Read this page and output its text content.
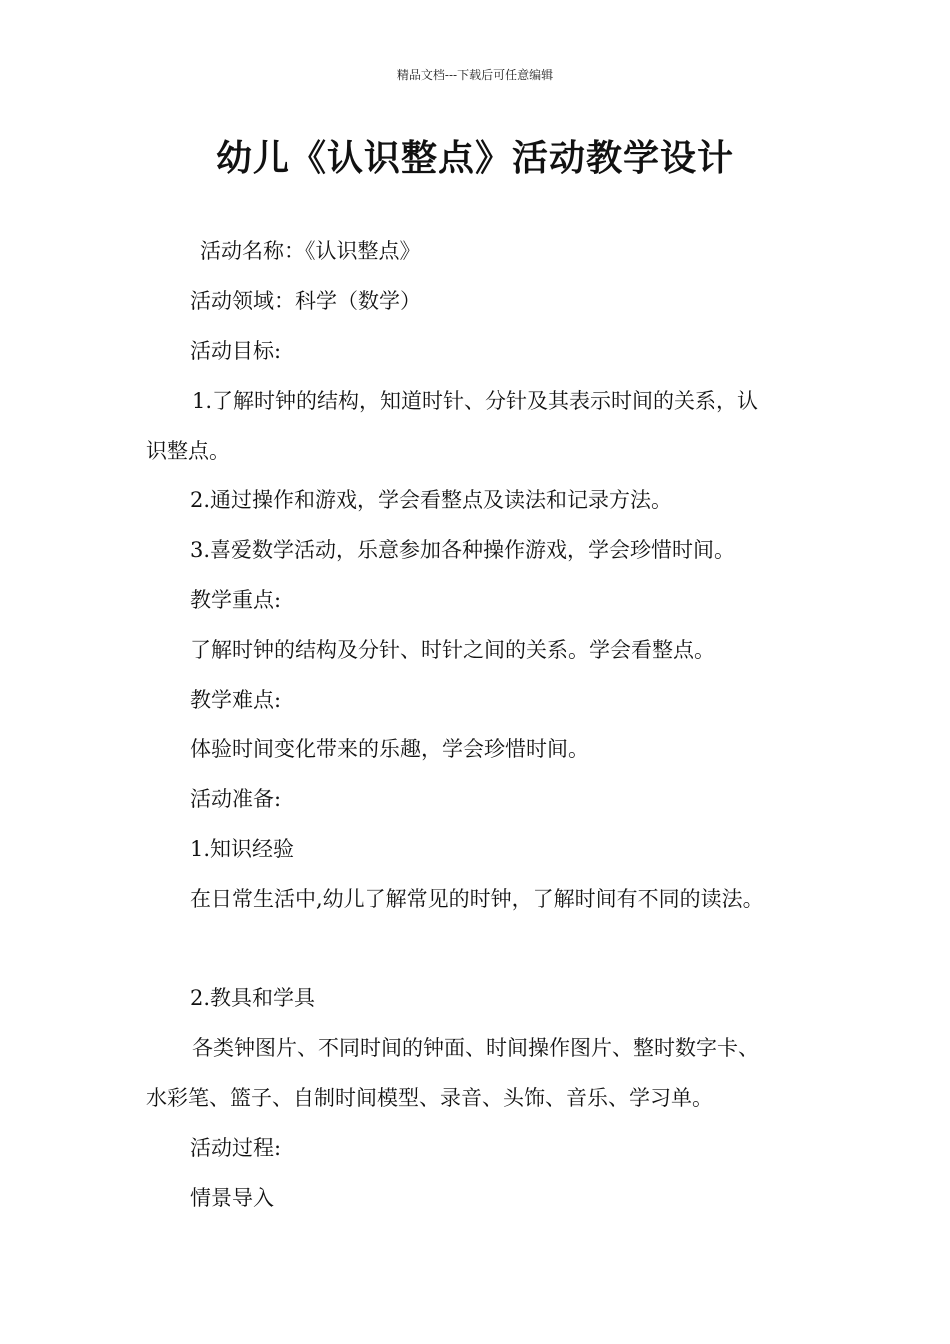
精品文档---下载后可任意编辑
幼儿《认识整点》活动教学设计
活动名称：《认识整点》
活动领域：科学（数学）
活动目标:
1.了解时钟的结构，知道时针、分针及其表示时间的关系，认
识整点。
2.通过操作和游戏，学会看整点及读法和记录方法。
3.喜爱数学活动，乐意参加各种操作游戏，学会珍惜时间。
教学重点:
了解时钟的结构及分针、时针之间的关系。学会看整点。
教学难点:
体验时间变化带来的乐趣，学会珍惜时间。
活动准备:
1.知识经验
在日常生活中,幼儿了解常见的时钟，了解时间有不同的读法。
2.教具和学具
各类钟图片、不同时间的钟面、时间操作图片、整时数字卡、
水彩笔、篮子、自制时间模型、录音、头饰、音乐、学习单。
活动过程:
情景导入
